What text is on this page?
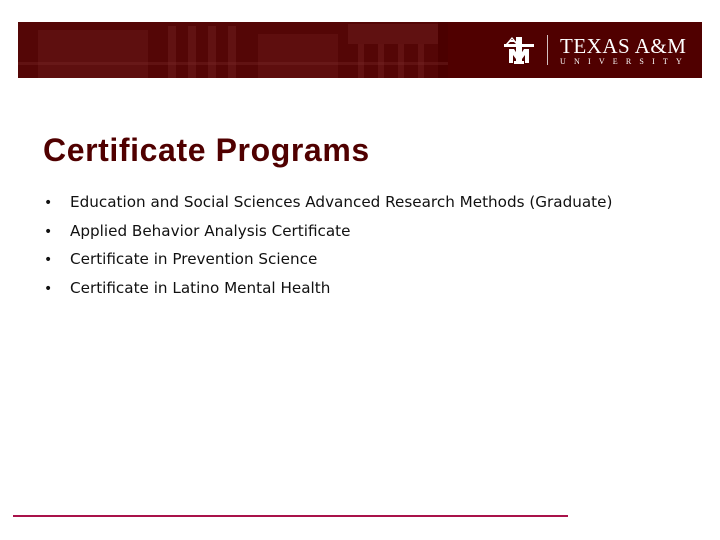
TEXAS A&M
UNIVERSITY
Certificate Programs
•	Education and Social Sciences Advanced Research Methods (Graduate)
•	Applied Behavior Analysis Certificate
•	Certificate in Prevention Science
•	Certificate in Latino Mental Health
